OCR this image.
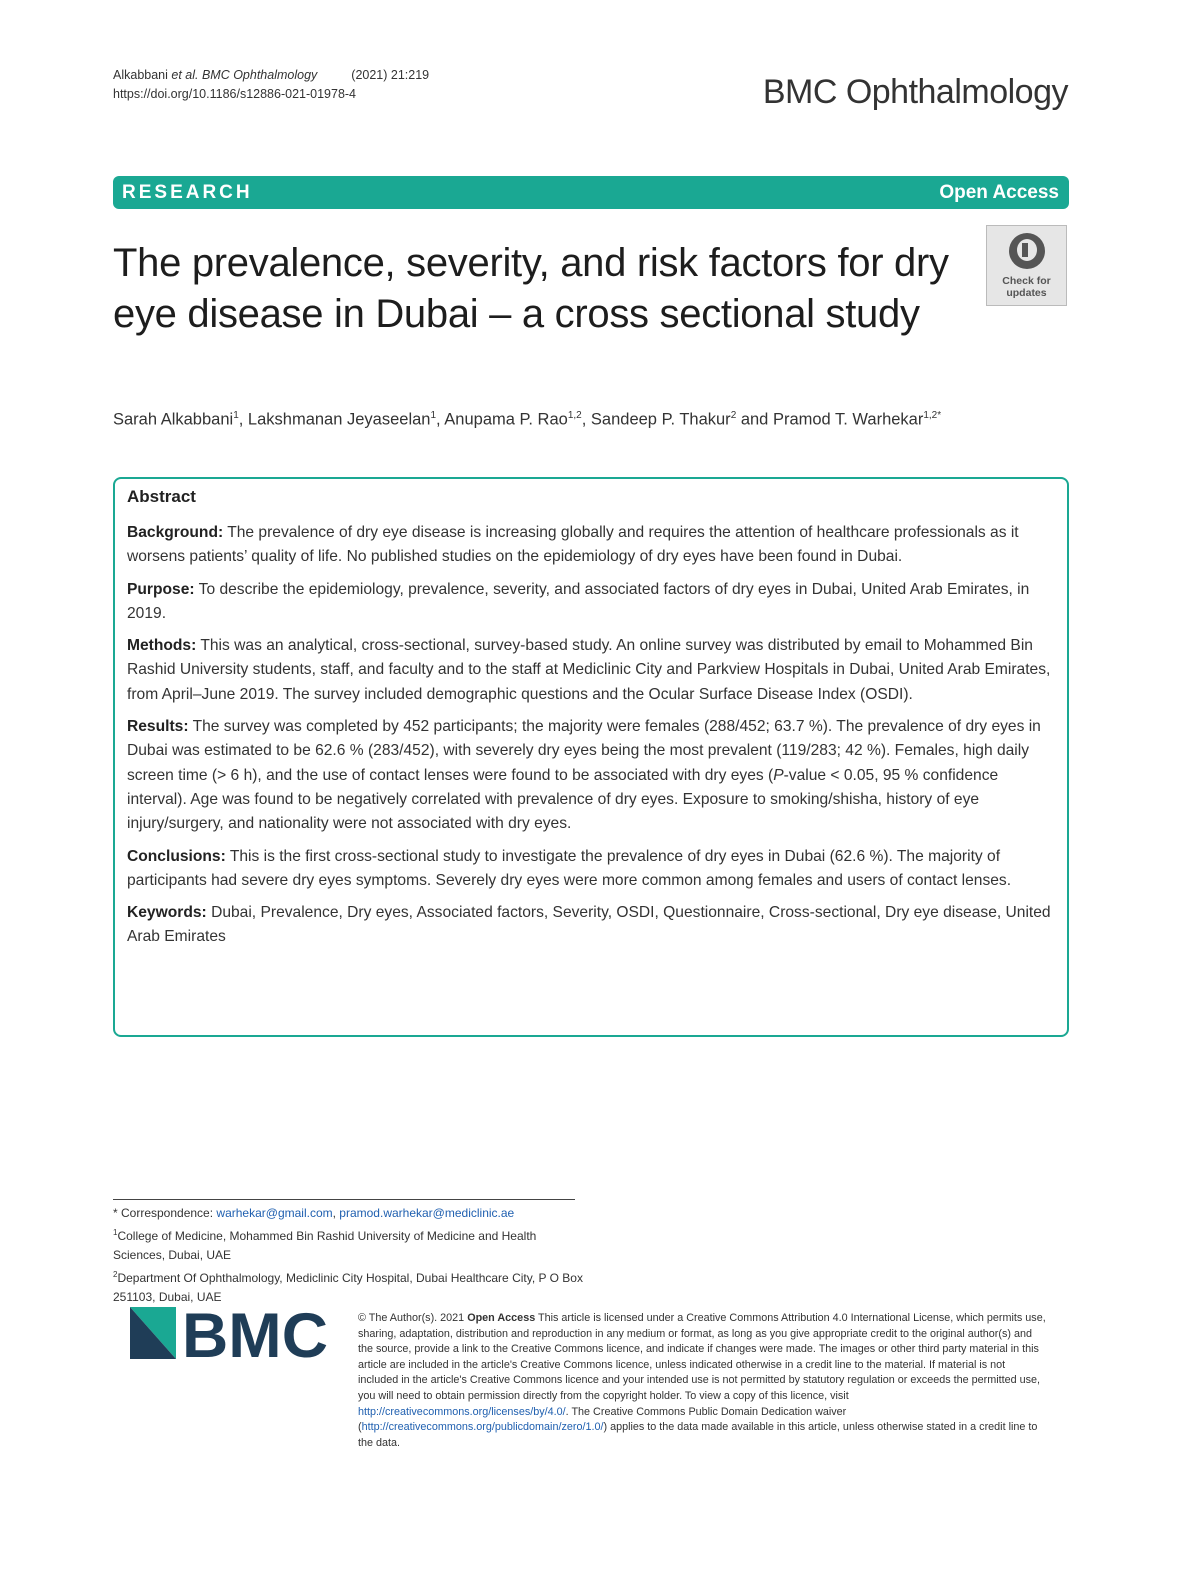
Alkabbani et al. BMC Ophthalmology	(2021) 21:219
https://doi.org/10.1186/s12886-021-01978-4	BMC Ophthalmology
RESEARCH	Open Access
The prevalence, severity, and risk factors for dry eye disease in Dubai – a cross sectional study
Check for
updates
Sarah Alkabbani$^1$, Lakshmanan Jeyaseelan$^1$, Anupama P. Rao$^{1,2}$, Sandeep P. Thakur$^2$ and Pramod T. Warhekar$^{1,2*}$
Abstract

Background: The prevalence of dry eye disease is increasing globally and requires the attention of healthcare professionals as it worsens patients’ quality of life. No published studies on the epidemiology of dry eyes have been found in Dubai.

Purpose: To describe the epidemiology, prevalence, severity, and associated factors of dry eyes in Dubai, United Arab Emirates, in 2019.

Methods: This was an analytical, cross-sectional, survey-based study. An online survey was distributed by email to Mohammed Bin Rashid University students, staff, and faculty and to the staff at Mediclinic City and Parkview Hospitals in Dubai, United Arab Emirates, from April–June 2019. The survey included demographic questions and the Ocular Surface Disease Index (OSDI).

Results: The survey was completed by 452 participants; the majority were females (288/452; 63.7 %). The prevalence of dry eyes in Dubai was estimated to be 62.6 % (283/452), with severely dry eyes being the most prevalent (119/283; 42 %). Females, high daily screen time (> 6 h), and the use of contact lenses were found to be associated with dry eyes (P-value < 0.05, 95 % confidence interval). Age was found to be negatively correlated with prevalence of dry eyes. Exposure to smoking/shisha, history of eye injury/surgery, and nationality were not associated with dry eyes.

Conclusions: This is the first cross-sectional study to investigate the prevalence of dry eyes in Dubai (62.6 %). The majority of participants had severe dry eyes symptoms. Severely dry eyes were more common among females and users of contact lenses.

Keywords: Dubai, Prevalence, Dry eyes, Associated factors, Severity, OSDI, Questionnaire, Cross-sectional, Dry eye disease, United Arab Emirates

* Correspondence: warhekar@gmail.com, pramod.warhekar@mediclinic.ae
$^1$College of Medicine, Mohammed Bin Rashid University of Medicine and Health Sciences, Dubai, UAE
$^2$Department Of Ophthalmology, Mediclinic City Hospital, Dubai Healthcare City, P O Box 251103, Dubai, UAE
BMC	© The Author(s). 2021 Open Access This article is licensed under a Creative Commons Attribution 4.0 International License, which permits use, sharing, adaptation, distribution and reproduction in any medium or format, as long as you give appropriate credit to the original author(s) and the source, provide a link to the Creative Commons licence, and indicate if changes were made. The images or other third party material in this article are included in the article's Creative Commons licence, unless indicated otherwise in a credit line to the material. If material is not included in the article's Creative Commons licence and your intended use is not permitted by statutory regulation or exceeds the permitted use, you will need to obtain permission directly from the copyright holder. To view a copy of this licence, visit http://creativecommons.org/licenses/by/4.0/. The Creative Commons Public Domain Dedication waiver (http://creativecommons.org/publicdomain/zero/1.0/) applies to the data made available in this article, unless otherwise stated in a credit line to the data.
